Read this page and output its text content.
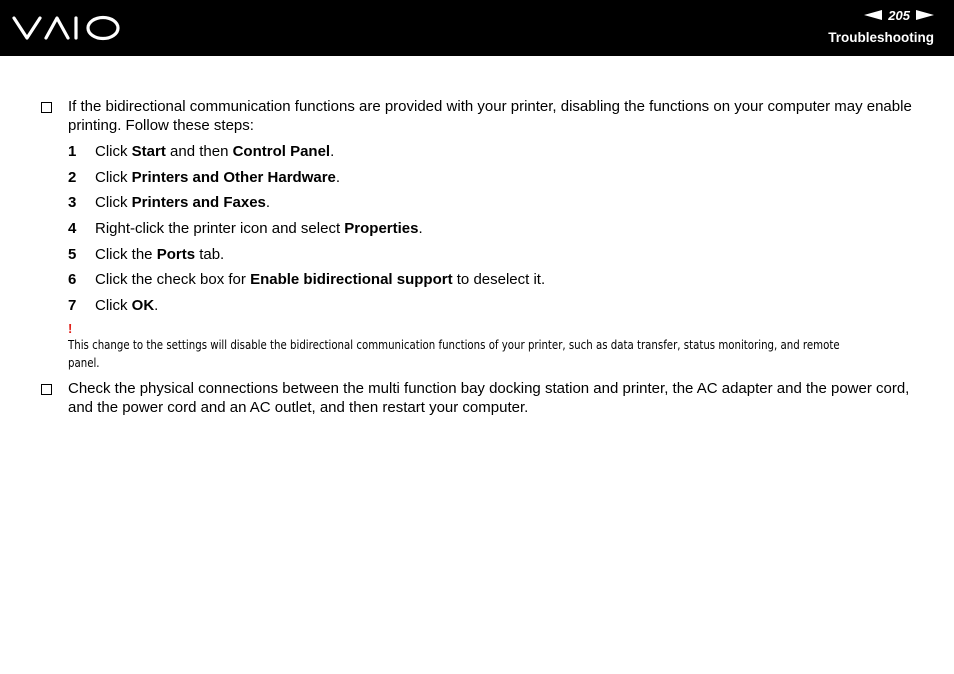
205
Troubleshooting
If the bidirectional communication functions are provided with your printer, disabling the functions on your computer may enable printing. Follow these steps:
1 Click Start and then Control Panel.
2 Click Printers and Other Hardware.
3 Click Printers and Faxes.
4 Right-click the printer icon and select Properties.
5 Click the Ports tab.
6 Click the check box for Enable bidirectional support to deselect it.
7 Click OK.
!
This change to the settings will disable the bidirectional communication functions of your printer, such as data transfer, status monitoring, and remote
panel.
Check the physical connections between the multi function bay docking station and printer, the AC adapter and the power cord, and the power cord and an AC outlet, and then restart your computer.
